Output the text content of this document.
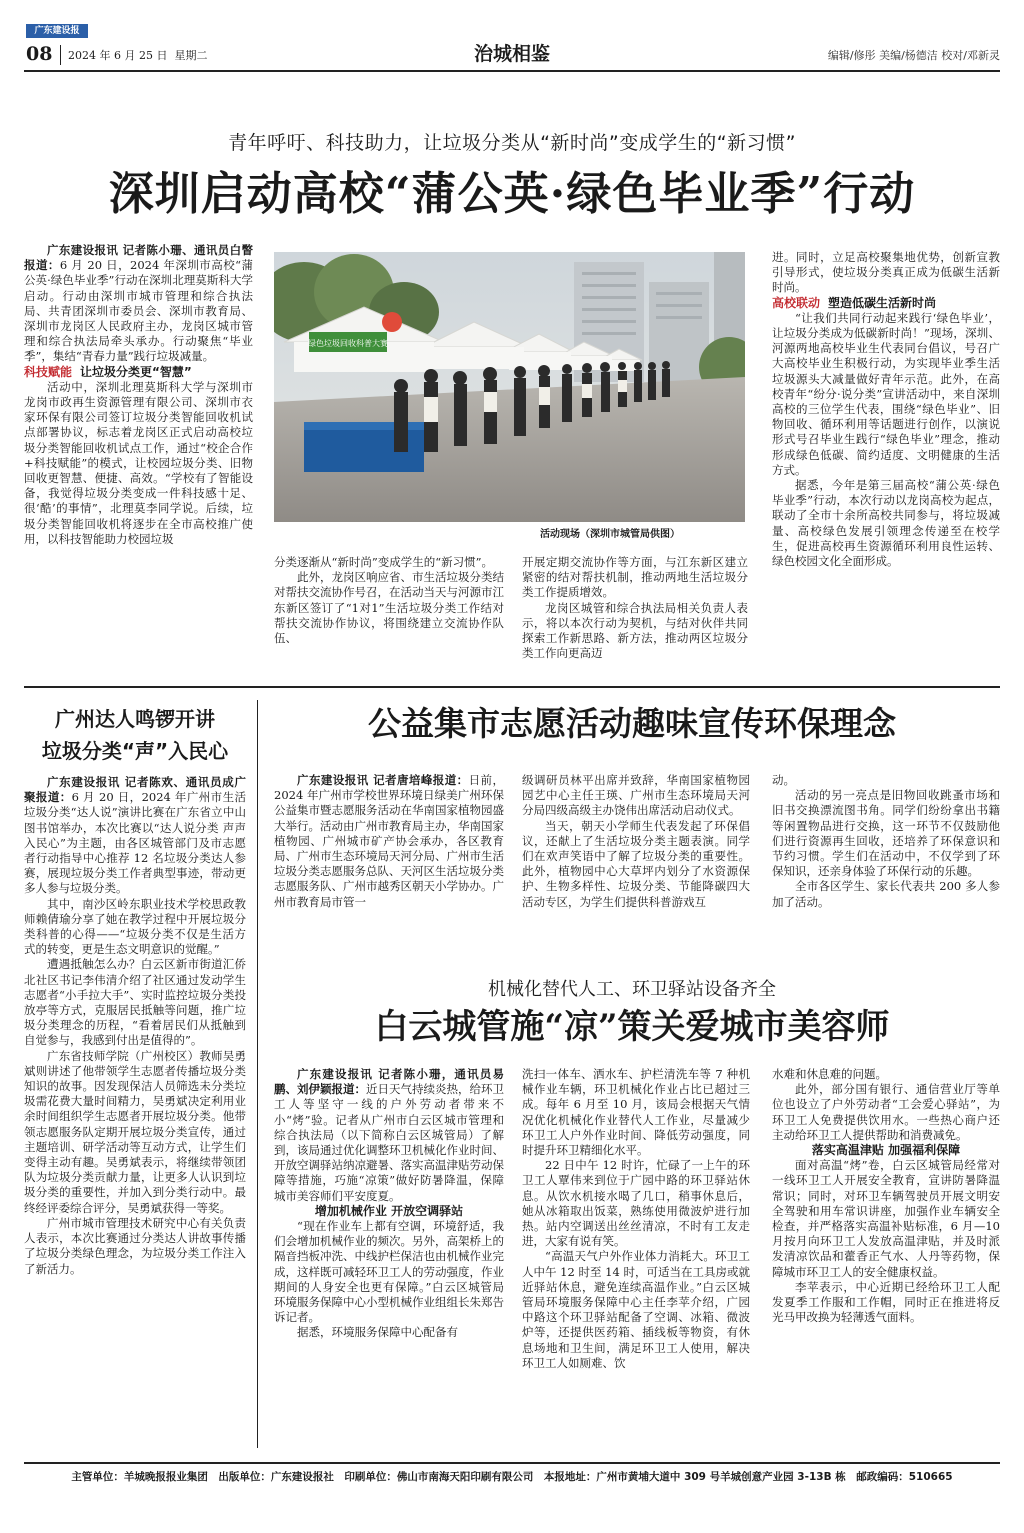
广东建设报
08 2024 年 6 月 25 日 星期二	治城相鉴	编辑/修彤 美编/杨德洁 校对/邓新灵
青年呼吁、科技助力，让垃圾分类从“新时尚”变成学生的“新习惯”
深圳启动高校“蒲公英·绿色毕业季”行动

广东建设报讯 记者陈小珊、通讯员白瞥报道：6 月 20 日，2024 年深圳市高校“蒲公英·绿色毕业季”行动在深圳北理莫斯科大学启动。行动由深圳市城市管理和综合执法局、共青团深圳市委员会、深圳市教育局、深圳市龙岗区人民政府主办，龙岗区城市管理和综合执法局牵头承办。行动聚焦“毕业季”，集结“青春力量”践行垃圾减量。

科技赋能 让垃圾分类更“智慧”

活动中，深圳北理莫斯科大学与深圳市龙岗市政再生资源管理有限公司、深圳市衣家环保有限公司签订垃圾分类智能回收机试点部署协议，标志着龙岗区正式启动高校垃圾分类智能回收机试点工作，通过“校企合作+科技赋能”的模式，让校园垃圾分类、旧物回收更智慧、便捷、高效。“学校有了智能设备，我觉得垃圾分类变成一件科技感十足、很‘酷’的事情”，北理莫李同学说。后续，垃圾分类智能回收机将逐步在全市高校推广使用，以科技智能助力校园垃圾

绿色垃圾回收科普大赛
活动现场（深圳市城管局供图）

分类逐渐从“新时尚”变成学生的“新习惯”。

此外，龙岗区响应省、市生活垃圾分类结对帮扶交流协作号召，在活动当天与河源市江东新区签订了“1对1”生活垃圾分类工作结对帮扶交流协作协议，将围绕建立交流协作队伍、

开展定期交流协作等方面，与江东新区建立紧密的结对帮扶机制，推动两地生活垃圾分类工作提质增效。

龙岗区城管和综合执法局相关负责人表示，将以本次行动为契机，与结对伙伴共同探索工作新思路、新方法，推动两区垃圾分类工作向更高迈

进。同时，立足高校聚集地优势，创新宣教引导形式，使垃圾分类真正成为低碳生活新时尚。

高校联动 塑造低碳生活新时尚

“让我们共同行动起来践行‘绿色毕业’，让垃圾分类成为低碳新时尚！”现场，深圳、河源两地高校毕业生代表同台倡议，号召广大高校毕业生积极行动，为实现毕业季生活垃圾源头大减量做好青年示范。此外，在高校青年“纷分·说分类”宣讲活动中，来自深圳高校的三位学生代表，围绕“绿色毕业”、旧物回收、循环利用等话题进行创作，以演说形式号召毕业生践行“绿色毕业”理念，推动形成绿色低碳、简约适度、文明健康的生活方式。

据悉，今年是第三届高校“蒲公英·绿色毕业季”行动，本次行动以龙岗高校为起点，联动了全市十余所高校共同参与，将垃圾减量、高校绿色发展引领理念传递至在校学生，促进高校再生资源循环利用良性运转、绿色校园文化全面形成。

广州达人鸣锣开讲
垃圾分类“声”入民心

广东建设报讯 记者陈欢、通讯员成广聚报道：6 月 20 日，2024 年广州市生活垃圾分类“达人说”演讲比赛在广东省立中山图书馆举办，本次比赛以“达人说分类 声声入民心”为主题，由各区城管部门及市志愿者行动指导中心推荐 12 名垃圾分类达人参赛，展现垃圾分类工作者典型事迹，带动更多人参与垃圾分类。

其中，南沙区岭东职业技术学校思政教师赖倩瑜分享了她在教学过程中开展垃圾分类科普的心得——“垃圾分类不仅是生活方式的转变，更是生态文明意识的觉醒。”

遭遇抵触怎么办？白云区新市街道汇侨北社区书记李伟清介绍了社区通过发动学生志愿者“小手拉大手”、实时监控垃圾分类投放亭等方式，克服居民抵触等问题，推广垃圾分类理念的历程，“看着居民们从抵触到自觉参与，我感到付出是值得的”。

广东省技师学院（广州校区）教师吴勇斌则讲述了他带领学生志愿者传播垃圾分类知识的故事。因发现保洁人员筛选未分类垃圾需花费大量时间精力，吴勇斌决定利用业余时间组织学生志愿者开展垃圾分类。他带领志愿服务队定期开展垃圾分类宣传，通过主题培训、研学活动等互动方式，让学生们变得主动有趣。吴勇斌表示，将继续带领团队为垃圾分类贡献力量，让更多人认识到垃圾分类的重要性，并加入到分类行动中。最终经评委综合评分，吴勇斌获得一等奖。

广州市城市管理技术研究中心有关负责人表示，本次比赛通过分类达人讲故事传播了垃圾分类绿色理念，为垃圾分类工作注入了新活力。

公益集市志愿活动趣味宣传环保理念

广东建设报讯 记者唐培峰报道：日前，2024 年广州市学校世界环境日绿美广州环保公益集市暨志愿服务活动在华南国家植物园盛大举行。活动由广州市教育局主办，华南国家植物园、广州城市矿产协会承办，各区教育局、广州市生态环境局天河分局、广州市生活垃圾分类志愿服务总队、天河区生活垃圾分类志愿服务队、广州市越秀区朝天小学协办。广州市教育局市管一

级调研员林平出席并致辞，华南国家植物园园艺中心主任王瑛、广州市生态环境局天河分局四级高级主办饶伟出席活动启动仪式。

当天，朝天小学师生代表发起了环保倡议，还献上了生活垃圾分类主题表演。同学们在欢声笑语中了解了垃圾分类的重要性。此外，植物园中心大草坪内划分了水资源保护、生物多样性、垃圾分类、节能降碳四大活动专区，为学生们提供科普游戏互

动。

活动的另一亮点是旧物回收跳蚤市场和旧书交换漂流图书角。同学们纷纷拿出书籍等闲置物品进行交换，这一环节不仅鼓励他们进行资源再生回收，还培养了环保意识和节约习惯。学生们在活动中，不仅学到了环保知识，还亲身体验了环保行动的乐趣。

全市各区学生、家长代表共 200 多人参加了活动。

机械化替代人工、环卫驿站设备齐全
白云城管施“凉”策关爱城市美容师

广东建设报讯 记者陈小珊，通讯员易鹏、刘伊颖报道：近日天气持续炎热，给环卫工人等坚守一线的户外劳动者带来不小“烤”验。记者从广州市白云区城市管理和综合执法局（以下简称白云区城管局）了解到，该局通过优化调整环卫机械化作业时间、开放空调驿站纳凉避暑、落实高温津贴劳动保障等措施，巧施“凉策”做好防暑降温，保障城市美容师们平安度夏。

增加机械作业 开放空调驿站

“现在作业车上都有空调，环境舒适，我们会增加机械作业的频次。另外，高架桥上的隔音挡板冲洗、中线护栏保洁也由机械作业完成，这样既可减轻环卫工人的劳动强度，作业期间的人身安全也更有保障。”白云区城管局环境服务保障中心小型机械作业组组长朱郑告诉记者。

据悉，环境服务保障中心配备有

洗扫一体车、洒水车、护栏清洗车等 7 种机械作业车辆，环卫机械化作业占比已超过三成。每年 6 月至 10 月，该局会根据天气情况优化机械化作业替代人工作业，尽量减少环卫工人户外作业时间、降低劳动强度，同时提升环卫精细化水平。

22 日中午 12 时许，忙碌了一上午的环卫工人覃伟来到位于广园中路的环卫驿站休息。从饮水机接水喝了几口，稍事休息后，她从冰箱取出饭菜，熟练使用微波炉进行加热。站内空调送出丝丝清凉，不时有工友走进，大家有说有笑。

“高温天气户外作业体力消耗大。环卫工人中午 12 时至 14 时，可适当在工具房或就近驿站休息，避免连续高温作业。”白云区城管局环境服务保障中心主任李苹介绍，广园中路这个环卫驿站配备了空调、冰箱、微波炉等，还提供医药箱、插线板等物资，有休息场地和卫生间，满足环卫工人使用，解决环卫工人如厕难、饮

水难和休息难的问题。

此外，部分国有银行、通信营业厅等单位也设立了户外劳动者“工会爱心驿站”，为环卫工人免费提供饮用水。一些热心商户还主动给环卫工人提供帮助和消费减免。

落实高温津贴 加强福利保障

面对高温“烤”卷，白云区城管局经常对一线环卫工人开展安全教育，宣讲防暑降温常识；同时，对环卫车辆驾驶员开展文明安全驾驶和用车常识讲座，加强作业车辆安全检查，并严格落实高温补贴标准，6 月—10 月按月向环卫工人发放高温津贴，并及时派发清凉饮品和藿香正气水、人丹等药物，保障城市环卫工人的安全健康权益。

李苹表示，中心近期已经给环卫工人配发夏季工作服和工作帽，同时正在推进将反光马甲改换为轻薄透气面料。

主管单位：羊城晚报报业集团　出版单位：广东建设报社　印刷单位：佛山市南海天阳印刷有限公司　本报地址：广州市黄埔大道中 309 号羊城创意产业园 3-13B 栋　邮政编码：510665
